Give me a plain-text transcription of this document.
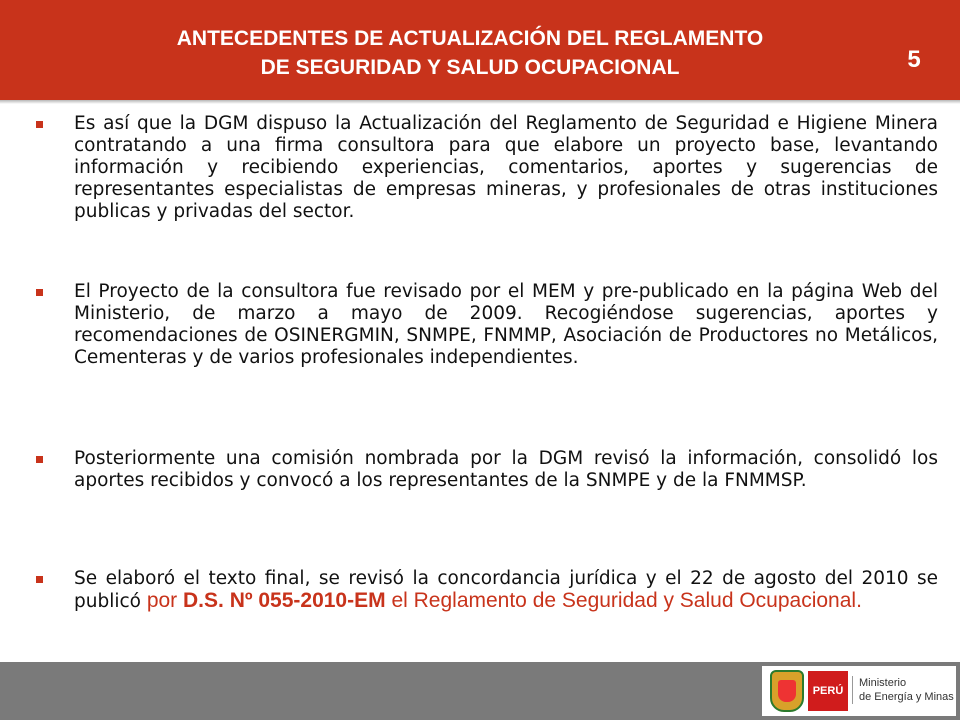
ANTECEDENTES DE ACTUALIZACIÓN DEL REGLAMENTO
DE SEGURIDAD Y SALUD OCUPACIONAL	5
Es así que la DGM dispuso la Actualización del Reglamento de Seguridad e Higiene Minera contratando a una firma consultora para que elabore un proyecto base, levantando información y recibiendo experiencias, comentarios, aportes y sugerencias de representantes especialistas de empresas mineras, y profesionales de otras instituciones publicas y privadas del sector.
El Proyecto de la consultora fue revisado por el MEM y pre-publicado en la página Web del Ministerio, de marzo a mayo de 2009. Recogiéndose sugerencias, aportes y recomendaciones de OSINERGMIN, SNMPE, FNMMP, Asociación de Productores no Metálicos, Cementeras y de varios profesionales independientes.
Posteriormente una comisión nombrada por la DGM revisó la información, consolidó los aportes recibidos y convocó a los representantes de la SNMPE y de la FNMMSP.
Se elaboró el texto final, se revisó la concordancia jurídica y el 22 de agosto del 2010 se publicó por D.S. Nº 055-2010-EM el Reglamento de Seguridad y Salud Ocupacional.
PERÚ
Ministerio
de Energía y Minas
